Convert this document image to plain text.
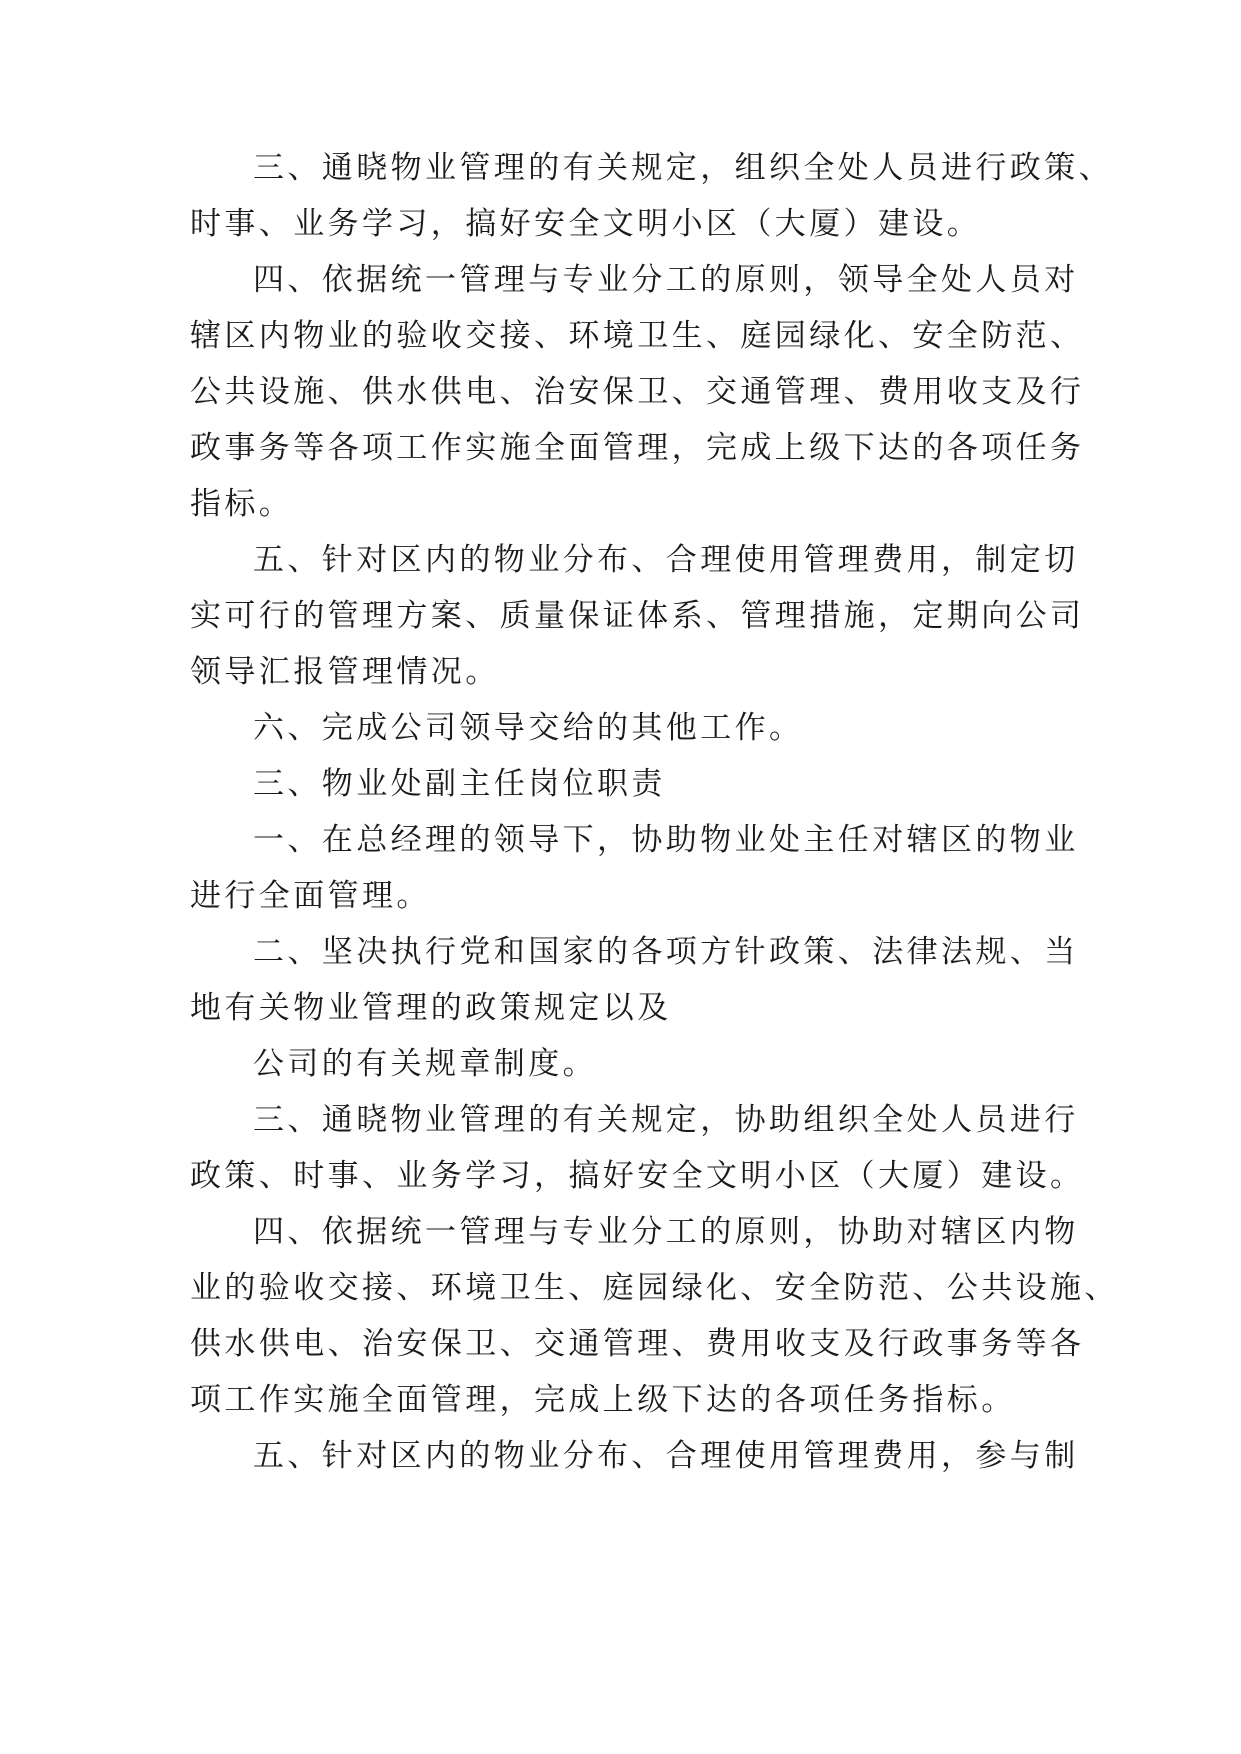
三、通晓物业管理的有关规定，组织全处人员进行政策、
时事、业务学习，搞好安全文明小区（大厦）建设。
四、依据统一管理与专业分工的原则，领导全处人员对
辖区内物业的验收交接、环境卫生、庭园绿化、安全防范、
公共设施、供水供电、治安保卫、交通管理、费用收支及行
政事务等各项工作实施全面管理，完成上级下达的各项任务
指标。
五、针对区内的物业分布、合理使用管理费用，制定切
实可行的管理方案、质量保证体系、管理措施，定期向公司
领导汇报管理情况。
六、完成公司领导交给的其他工作。
三、物业处副主任岗位职责
一、在总经理的领导下，协助物业处主任对辖区的物业
进行全面管理。
二、坚决执行党和国家的各项方针政策、法律法规、当
地有关物业管理的政策规定以及
公司的有关规章制度。
三、通晓物业管理的有关规定，协助组织全处人员进行
政策、时事、业务学习，搞好安全文明小区（大厦）建设。
四、依据统一管理与专业分工的原则，协助对辖区内物
业的验收交接、环境卫生、庭园绿化、安全防范、公共设施、
供水供电、治安保卫、交通管理、费用收支及行政事务等各
项工作实施全面管理，完成上级下达的各项任务指标。
五、针对区内的物业分布、合理使用管理费用，参与制
